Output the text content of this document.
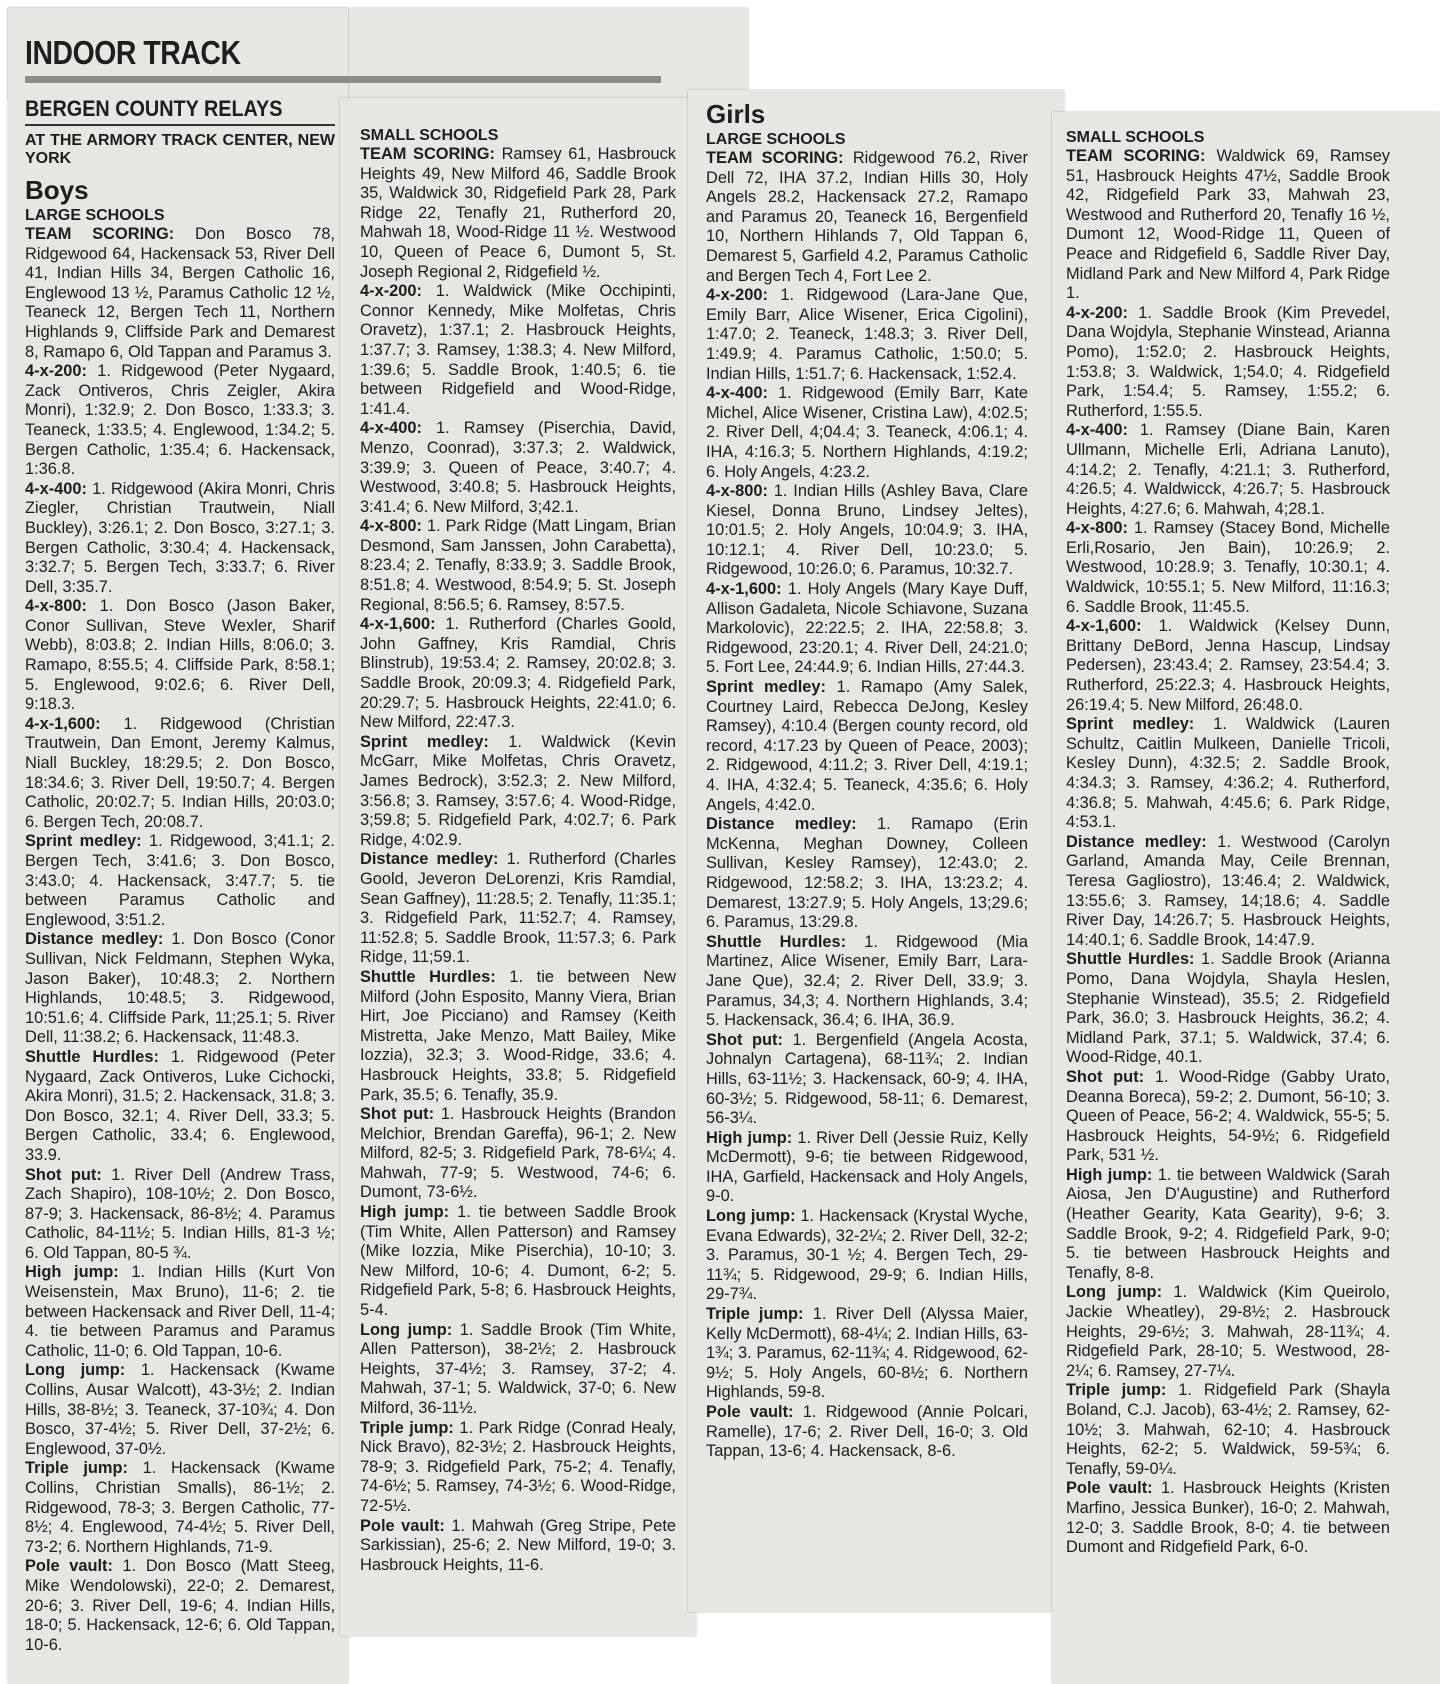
INDOOR TRACK
BERGEN COUNTY RELAYS
AT THE ARMORY TRACK CENTER, NEW YORK
Boys
LARGE SCHOOLS

TEAM SCORING: Don Bosco 78, Ridgewood 64, Hackensack 53, River Dell 41, Indian Hills 34, Bergen Catholic 16, Englewood 13 ½, Paramus Catholic 12 ½, Teaneck 12, Bergen Tech 11, Northern Highlands 9, Cliffside Park and Demarest 8, Ramapo 6, Old Tappan and Paramus 3.

4-x-200: 1. Ridgewood (Peter Nygaard, Zack Ontiveros, Chris Zeigler, Akira Monri), 1:32.9; 2. Don Bosco, 1:33.3; 3. Teaneck, 1:33.5; 4. Englewood, 1:34.2; 5. Bergen Catholic, 1:35.4; 6. Hackensack, 1:36.8.

4-x-400: 1. Ridgewood (Akira Monri, Chris Ziegler, Christian Trautwein, Niall Buckley), 3:26.1; 2. Don Bosco, 3:27.1; 3. Bergen Catholic, 3:30.4; 4. Hackensack, 3:32.7; 5. Bergen Tech, 3:33.7; 6. River Dell, 3:35.7.

4-x-800: 1. Don Bosco (Jason Baker, Conor Sullivan, Steve Wexler, Sharif Webb), 8:03.8; 2. Indian Hills, 8:06.0; 3. Ramapo, 8:55.5; 4. Cliffside Park, 8:58.1; 5. Englewood, 9:02.6; 6. River Dell, 9:18.3.

4-x-1,600: 1. Ridgewood (Christian Trautwein, Dan Emont, Jeremy Kalmus, Niall Buckley, 18:29.5; 2. Don Bosco, 18:34.6; 3. River Dell, 19:50.7; 4. Bergen Catholic, 20:02.7; 5. Indian Hills, 20:03.0; 6. Bergen Tech, 20:08.7.

Sprint medley: 1. Ridgewood, 3;41.1; 2. Bergen Tech, 3:41.6; 3. Don Bosco, 3:43.0; 4. Hackensack, 3:47.7; 5. tie between Paramus Catholic and Englewood, 3:51.2.

Distance medley: 1. Don Bosco (Conor Sullivan, Nick Feldmann, Stephen Wyka, Jason Baker), 10:48.3; 2. Northern Highlands, 10:48.5; 3. Ridgewood, 10:51.6; 4. Cliffside Park, 11;25.1; 5. River Dell, 11:38.2; 6. Hackensack, 11:48.3.

Shuttle Hurdles: 1. Ridgewood (Peter Nygaard, Zack Ontiveros, Luke Cichocki, Akira Monri), 31.5; 2. Hackensack, 31.8; 3. Don Bosco, 32.1; 4. River Dell, 33.3; 5. Bergen Catholic, 33.4; 6. Englewood, 33.9.

Shot put: 1. River Dell (Andrew Trass, Zach Shapiro), 108-10½; 2. Don Bosco, 87-9; 3. Hackensack, 86-8½; 4. Paramus Catholic, 84-11½; 5. Indian Hills, 81-3 ½; 6. Old Tappan, 80-5 ¾.

High jump: 1. Indian Hills (Kurt Von Weisenstein, Max Bruno), 11-6; 2. tie between Hackensack and River Dell, 11-4; 4. tie between Paramus and Paramus Catholic, 11-0; 6. Old Tappan, 10-6.

Long jump: 1. Hackensack (Kwame Collins, Ausar Walcott), 43-3½; 2. Indian Hills, 38-8½; 3. Teaneck, 37-10¾; 4. Don Bosco, 37-4½; 5. River Dell, 37-2½; 6. Englewood, 37-0½.

Triple jump: 1. Hackensack (Kwame Collins, Christian Smalls), 86-1½; 2. Ridgewood, 78-3; 3. Bergen Catholic, 77-8½; 4. Englewood, 74-4½; 5. River Dell, 73-2; 6. Northern Highlands, 71-9.

Pole vault: 1. Don Bosco (Matt Steeg, Mike Wendolowski), 22-0; 2. Demarest, 20-6; 3. River Dell, 19-6; 4. Indian Hills, 18-0; 5. Hackensack, 12-6; 6. Old Tappan, 10-6.

SMALL SCHOOLS

TEAM SCORING: Ramsey 61, Hasbrouck Heights 49, New Milford 46, Saddle Brook 35, Waldwick 30, Ridgefield Park 28, Park Ridge 22, Tenafly 21, Rutherford 20, Mahwah 18, Wood-Ridge 11 ½. Westwood 10, Queen of Peace 6, Dumont 5, St. Joseph Regional 2, Ridgefield ½.

4-x-200: 1. Waldwick (Mike Occhipinti, Connor Kennedy, Mike Molfetas, Chris Oravetz), 1:37.1; 2. Hasbrouck Heights, 1:37.7; 3. Ramsey, 1:38.3; 4. New Milford, 1:39.6; 5. Saddle Brook, 1:40.5; 6. tie between Ridgefield and Wood-Ridge, 1:41.4.

4-x-400: 1. Ramsey (Piserchia, David, Menzo, Coonrad), 3:37.3; 2. Waldwick, 3:39.9; 3. Queen of Peace, 3:40.7; 4. Westwood, 3:40.8; 5. Hasbrouck Heights, 3:41.4; 6. New Milford, 3;42.1.

4-x-800: 1. Park Ridge (Matt Lingam, Brian Desmond, Sam Janssen, John Carabetta), 8:23.4; 2. Tenafly, 8:33.9; 3. Saddle Brook, 8:51.8; 4. Westwood, 8:54.9; 5. St. Joseph Regional, 8:56.5; 6. Ramsey, 8:57.5.

4-x-1,600: 1. Rutherford (Charles Goold, John Gaffney, Kris Ramdial, Chris Blinstrub), 19:53.4; 2. Ramsey, 20:02.8; 3. Saddle Brook, 20:09.3; 4. Ridgefield Park, 20:29.7; 5. Hasbrouck Heights, 22:41.0; 6. New Milford, 22:47.3.

Sprint medley: 1. Waldwick (Kevin McGarr, Mike Molfetas, Chris Oravetz, James Bedrock), 3:52.3; 2. New Milford, 3:56.8; 3. Ramsey, 3:57.6; 4. Wood-Ridge, 3;59.8; 5. Ridgefield Park, 4:02.7; 6. Park Ridge, 4:02.9.

Distance medley: 1. Rutherford (Charles Goold, Jeveron DeLorenzi, Kris Ramdial, Sean Gaffney), 11:28.5; 2. Tenafly, 11:35.1; 3. Ridgefield Park, 11:52.7; 4. Ramsey, 11:52.8; 5. Saddle Brook, 11:57.3; 6. Park Ridge, 11;59.1.

Shuttle Hurdles: 1. tie between New Milford (John Esposito, Manny Viera, Brian Hirt, Joe Picciano) and Ramsey (Keith Mistretta, Jake Menzo, Matt Bailey, Mike Iozzia), 32.3; 3. Wood-Ridge, 33.6; 4. Hasbrouck Heights, 33.8; 5. Ridgefield Park, 35.5; 6. Tenafly, 35.9.

Shot put: 1. Hasbrouck Heights (Brandon Melchior, Brendan Gareffa), 96-1; 2. New Milford, 82-5; 3. Ridgefield Park, 78-6¼; 4. Mahwah, 77-9; 5. Westwood, 74-6; 6. Dumont, 73-6½.

High jump: 1. tie between Saddle Brook (Tim White, Allen Patterson) and Ramsey (Mike Iozzia, Mike Piserchia), 10-10; 3. New Milford, 10-6; 4. Dumont, 6-2; 5. Ridgefield Park, 5-8; 6. Hasbrouck Heights, 5-4.

Long jump: 1. Saddle Brook (Tim White, Allen Patterson), 38-2½; 2. Hasbrouck Heights, 37-4½; 3. Ramsey, 37-2; 4. Mahwah, 37-1; 5. Waldwick, 37-0; 6. New Milford, 36-11½.

Triple jump: 1. Park Ridge (Conrad Healy, Nick Bravo), 82-3½; 2. Hasbrouck Heights, 78-9; 3. Ridgefield Park, 75-2; 4. Tenafly, 74-6½; 5. Ramsey, 74-3½; 6. Wood-Ridge, 72-5½.

Pole vault: 1. Mahwah (Greg Stripe, Pete Sarkissian), 25-6; 2. New Milford, 19-0; 3. Hasbrouck Heights, 11-6.

Girls
LARGE SCHOOLS

TEAM SCORING: Ridgewood 76.2, River Dell 72, IHA 37.2, Indian Hills 30, Holy Angels 28.2, Hackensack 27.2, Ramapo and Paramus 20, Teaneck 16, Bergenfield 10, Northern Hihlands 7, Old Tappan 6, Demarest 5, Garfield 4.2, Paramus Catholic and Bergen Tech 4, Fort Lee 2.

4-x-200: 1. Ridgewood (Lara-Jane Que, Emily Barr, Alice Wisener, Erica Cigolini), 1:47.0; 2. Teaneck, 1:48.3; 3. River Dell, 1:49.9; 4. Paramus Catholic, 1:50.0; 5. Indian Hills, 1:51.7; 6. Hackensack, 1:52.4.

4-x-400: 1. Ridgewood (Emily Barr, Kate Michel, Alice Wisener, Cristina Law), 4:02.5; 2. River Dell, 4;04.4; 3. Teaneck, 4:06.1; 4. IHA, 4:16.3; 5. Northern Highlands, 4:19.2; 6. Holy Angels, 4:23.2.

4-x-800: 1. Indian Hills (Ashley Bava, Clare Kiesel, Donna Bruno, Lindsey Jeltes), 10:01.5; 2. Holy Angels, 10:04.9; 3. IHA, 10:12.1; 4. River Dell, 10:23.0; 5. Ridgewood, 10:26.0; 6. Paramus, 10:32.7.

4-x-1,600: 1. Holy Angels (Mary Kaye Duff, Allison Gadaleta, Nicole Schiavone, Suzana Markolovic), 22:22.5; 2. IHA, 22:58.8; 3. Ridgewood, 23:20.1; 4. River Dell, 24:21.0; 5. Fort Lee, 24:44.9; 6. Indian Hills, 27:44.3.

Sprint medley: 1. Ramapo (Amy Salek, Courtney Laird, Rebecca DeJong, Kesley Ramsey), 4:10.4 (Bergen county record, old record, 4:17.23 by Queen of Peace, 2003); 2. Ridgewood, 4:11.2; 3. River Dell, 4:19.1; 4. IHA, 4:32.4; 5. Teaneck, 4:35.6; 6. Holy Angels, 4:42.0.

Distance medley: 1. Ramapo (Erin McKenna, Meghan Downey, Colleen Sullivan, Kesley Ramsey), 12:43.0; 2. Ridgewood, 12:58.2; 3. IHA, 13:23.2; 4. Demarest, 13:27.9; 5. Holy Angels, 13;29.6; 6. Paramus, 13:29.8.

Shuttle Hurdles: 1. Ridgewood (Mia Martinez, Alice Wisener, Emily Barr, Lara-Jane Que), 32.4; 2. River Dell, 33.9; 3. Paramus, 34,3; 4. Northern Highlands, 3.4; 5. Hackensack, 36.4; 6. IHA, 36.9.

Shot put: 1. Bergenfield (Angela Acosta, Johnalyn Cartagena), 68-11¾; 2. Indian Hills, 63-11½; 3. Hackensack, 60-9; 4. IHA, 60-3½; 5. Ridgewood, 58-11; 6. Demarest, 56-3¼.

High jump: 1. River Dell (Jessie Ruiz, Kelly McDermott), 9-6; tie between Ridgewood, IHA, Garfield, Hackensack and Holy Angels, 9-0.

Long jump: 1. Hackensack (Krystal Wyche, Evana Edwards), 32-2¼; 2. River Dell, 32-2; 3. Paramus, 30-1 ½; 4. Bergen Tech, 29-11¾; 5. Ridgewood, 29-9; 6. Indian Hills, 29-7¾.

Triple jump: 1. River Dell (Alyssa Maier, Kelly McDermott), 68-4¼; 2. Indian Hills, 63-1¾; 3. Paramus, 62-11¾; 4. Ridgewood, 62-9½; 5. Holy Angels, 60-8½; 6. Northern Highlands, 59-8.

Pole vault: 1. Ridgewood (Annie Polcari, Ramelle), 17-6; 2. River Dell, 16-0; 3. Old Tappan, 13-6; 4. Hackensack, 8-6.

SMALL SCHOOLS

TEAM SCORING: Waldwick 69, Ramsey 51, Hasbrouck Heights 47½, Saddle Brook 42, Ridgefield Park 33, Mahwah 23, Westwood and Rutherford 20, Tenafly 16 ½, Dumont 12, Wood-Ridge 11, Queen of Peace and Ridgefield 6, Saddle River Day, Midland Park and New Milford 4, Park Ridge 1.

4-x-200: 1. Saddle Brook (Kim Prevedel, Dana Wojdyla, Stephanie Winstead, Arianna Pomo), 1:52.0; 2. Hasbrouck Heights, 1:53.8; 3. Waldwick, 1;54.0; 4. Ridgefield Park, 1:54.4; 5. Ramsey, 1:55.2; 6. Rutherford, 1:55.5.

4-x-400: 1. Ramsey (Diane Bain, Karen Ullmann, Michelle Erli, Adriana Lanuto), 4:14.2; 2. Tenafly, 4:21.1; 3. Rutherford, 4:26.5; 4. Waldwicck, 4:26.7; 5. Hasbrouck Heights, 4:27.6; 6. Mahwah, 4;28.1.

4-x-800: 1. Ramsey (Stacey Bond, Michelle Erli,Rosario, Jen Bain), 10:26.9; 2. Westwood, 10:28.9; 3. Tenafly, 10:30.1; 4. Waldwick, 10:55.1; 5. New Milford, 11:16.3; 6. Saddle Brook, 11:45.5.

4-x-1,600: 1. Waldwick (Kelsey Dunn, Brittany DeBord, Jenna Hascup, Lindsay Pedersen), 23:43.4; 2. Ramsey, 23:54.4; 3. Rutherford, 25:22.3; 4. Hasbrouck Heights, 26:19.4; 5. New Milford, 26:48.0.

Sprint medley: 1. Waldwick (Lauren Schultz, Caitlin Mulkeen, Danielle Tricoli, Kesley Dunn), 4:32.5; 2. Saddle Brook, 4:34.3; 3. Ramsey, 4:36.2; 4. Rutherford, 4:36.8; 5. Mahwah, 4:45.6; 6. Park Ridge, 4:53.1.

Distance medley: 1. Westwood (Carolyn Garland, Amanda May, Ceile Brennan, Teresa Gagliostro), 13:46.4; 2. Waldwick, 13:55.6; 3. Ramsey, 14;18.6; 4. Saddle River Day, 14:26.7; 5. Hasbrouck Heights, 14:40.1; 6. Saddle Brook, 14:47.9.

Shuttle Hurdles: 1. Saddle Brook (Arianna Pomo, Dana Wojdyla, Shayla Heslen, Stephanie Winstead), 35.5; 2. Ridgefield Park, 36.0; 3. Hasbrouck Heights, 36.2; 4. Midland Park, 37.1; 5. Waldwick, 37.4; 6. Wood-Ridge, 40.1.

Shot put: 1. Wood-Ridge (Gabby Urato, Deanna Boreca), 59-2; 2. Dumont, 56-10; 3. Queen of Peace, 56-2; 4. Waldwick, 55-5; 5. Hasbrouck Heights, 54-9½; 6. Ridgefield Park, 531 ½.

High jump: 1. tie between Waldwick (Sarah Aiosa, Jen D'Augustine) and Rutherford (Heather Gearity, Kata Gearity), 9-6; 3. Saddle Brook, 9-2; 4. Ridgefield Park, 9-0; 5. tie between Hasbrouck Heights and Tenafly, 8-8.

Long jump: 1. Waldwick (Kim Queirolo, Jackie Wheatley), 29-8½; 2. Hasbrouck Heights, 29-6½; 3. Mahwah, 28-11¾; 4. Ridgefield Park, 28-10; 5. Westwood, 28-2¼; 6. Ramsey, 27-7¼.

Triple jump: 1. Ridgefield Park (Shayla Boland, C.J. Jacob), 63-4½; 2. Ramsey, 62-10½; 3. Mahwah, 62-10; 4. Hasbrouck Heights, 62-2; 5. Waldwick, 59-5¾; 6. Tenafly, 59-0¼.

Pole vault: 1. Hasbrouck Heights (Kristen Marfino, Jessica Bunker), 16-0; 2. Mahwah, 12-0; 3. Saddle Brook, 8-0; 4. tie between Dumont and Ridgefield Park, 6-0.
